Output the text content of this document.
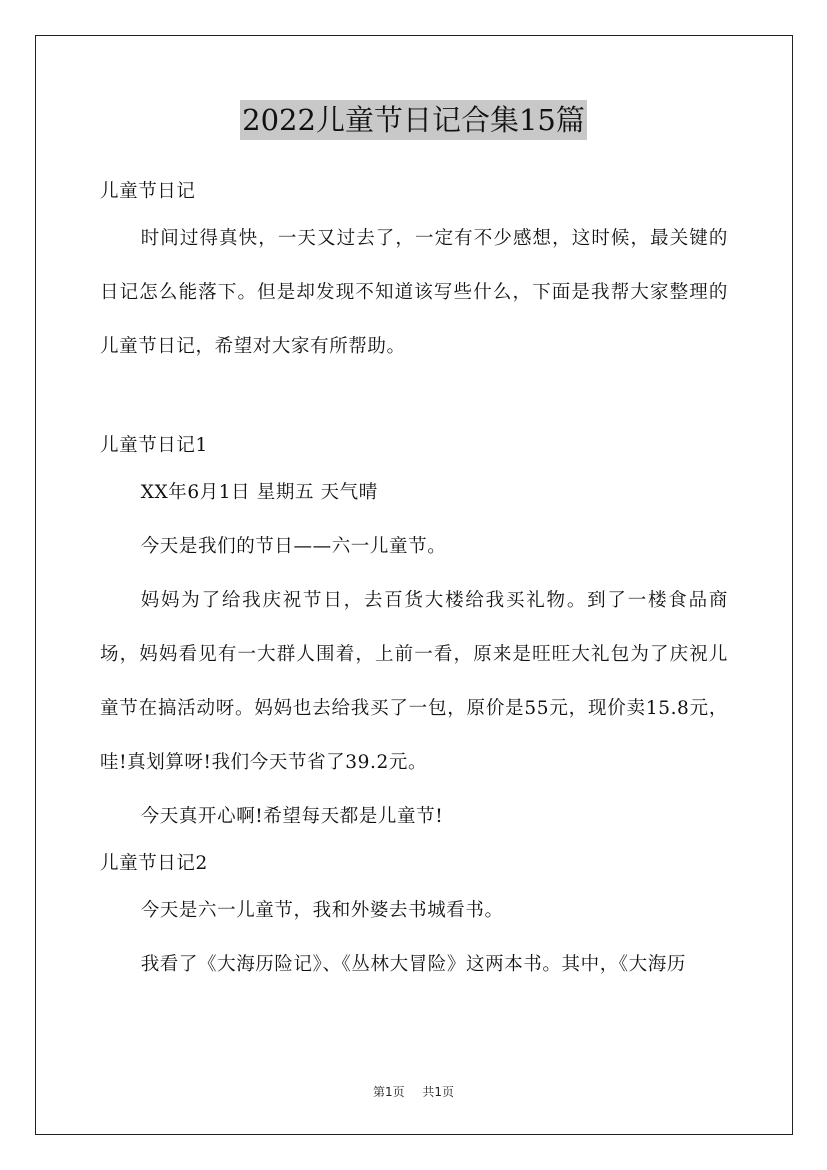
2022儿童节日记合集15篇

儿童节日记

时间过得真快，一天又过去了，一定有不少感想，这时候，最关键的日记怎么能落下。但是却发现不知道该写些什么，下面是我帮大家整理的儿童节日记，希望对大家有所帮助。

儿童节日记1

XX年6月1日 星期五 天气晴

今天是我们的节日——六一儿童节。

妈妈为了给我庆祝节日，去百货大楼给我买礼物。到了一楼食品商场，妈妈看见有一大群人围着，上前一看，原来是旺旺大礼包为了庆祝儿童节在搞活动呀。妈妈也去给我买了一包，原价是55元，现价卖15.8元，哇!真划算呀!我们今天节省了39.2元。

今天真开心啊!希望每天都是儿童节!

儿童节日记2

今天是六一儿童节，我和外婆去书城看书。

我看了《大海历险记》、《丛林大冒险》这两本书。其中，《大海历

第1页 共1页
